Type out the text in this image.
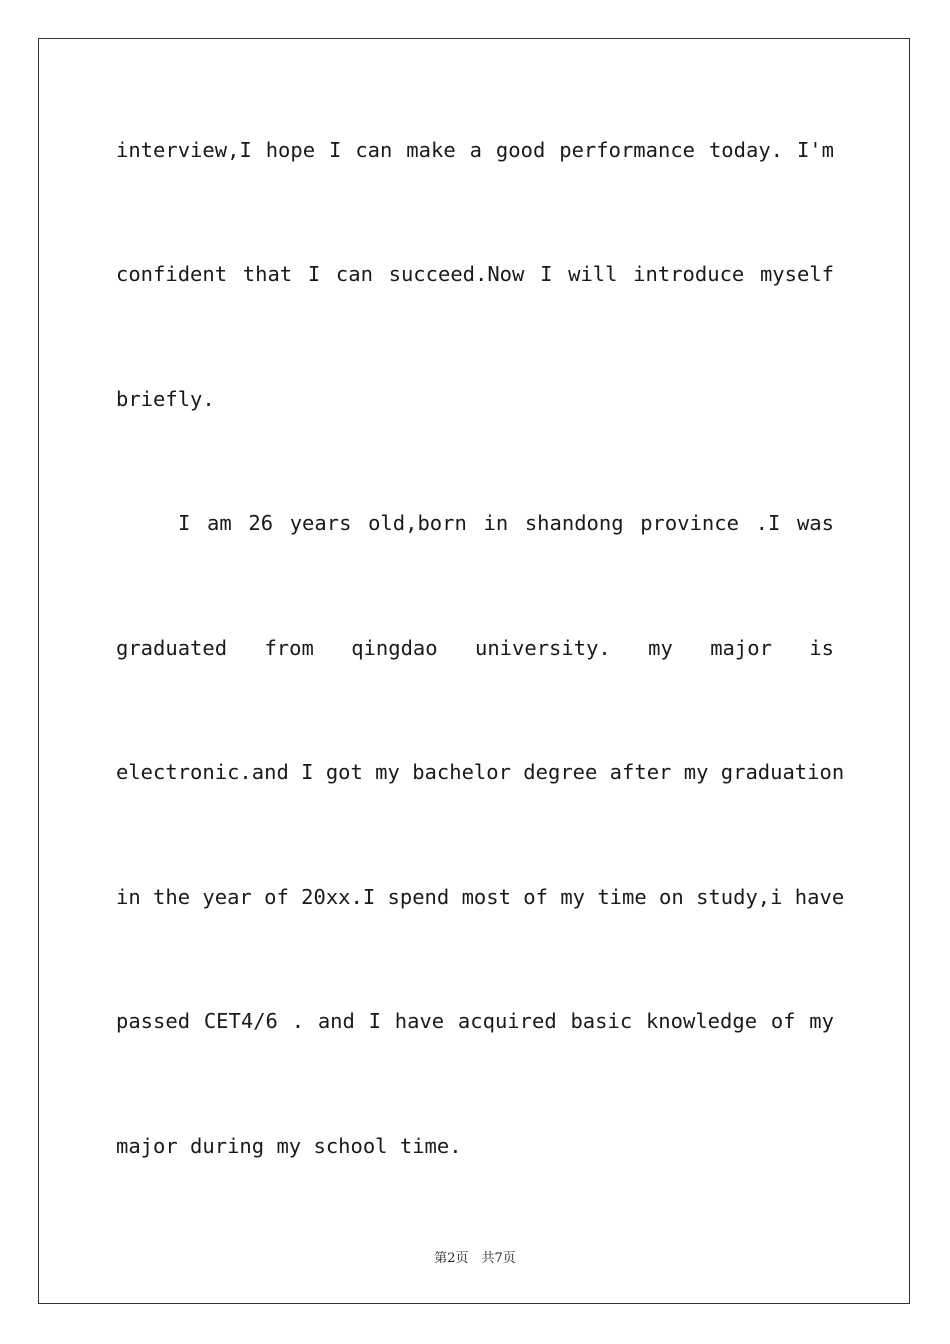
interview,I hope I can make a good performance today. I'm
confident that I can succeed.Now I will introduce myself
briefly.
I am 26 years old,born in shandong province .I was
graduated from qingdao university. my major is
electronic.and I got my bachelor degree after my graduation
in the year of 20xx.I spend most of my time on study,i have
passed CET4/6 . and I have acquired basic knowledge of my
major during my school time.
第2页　共7页
